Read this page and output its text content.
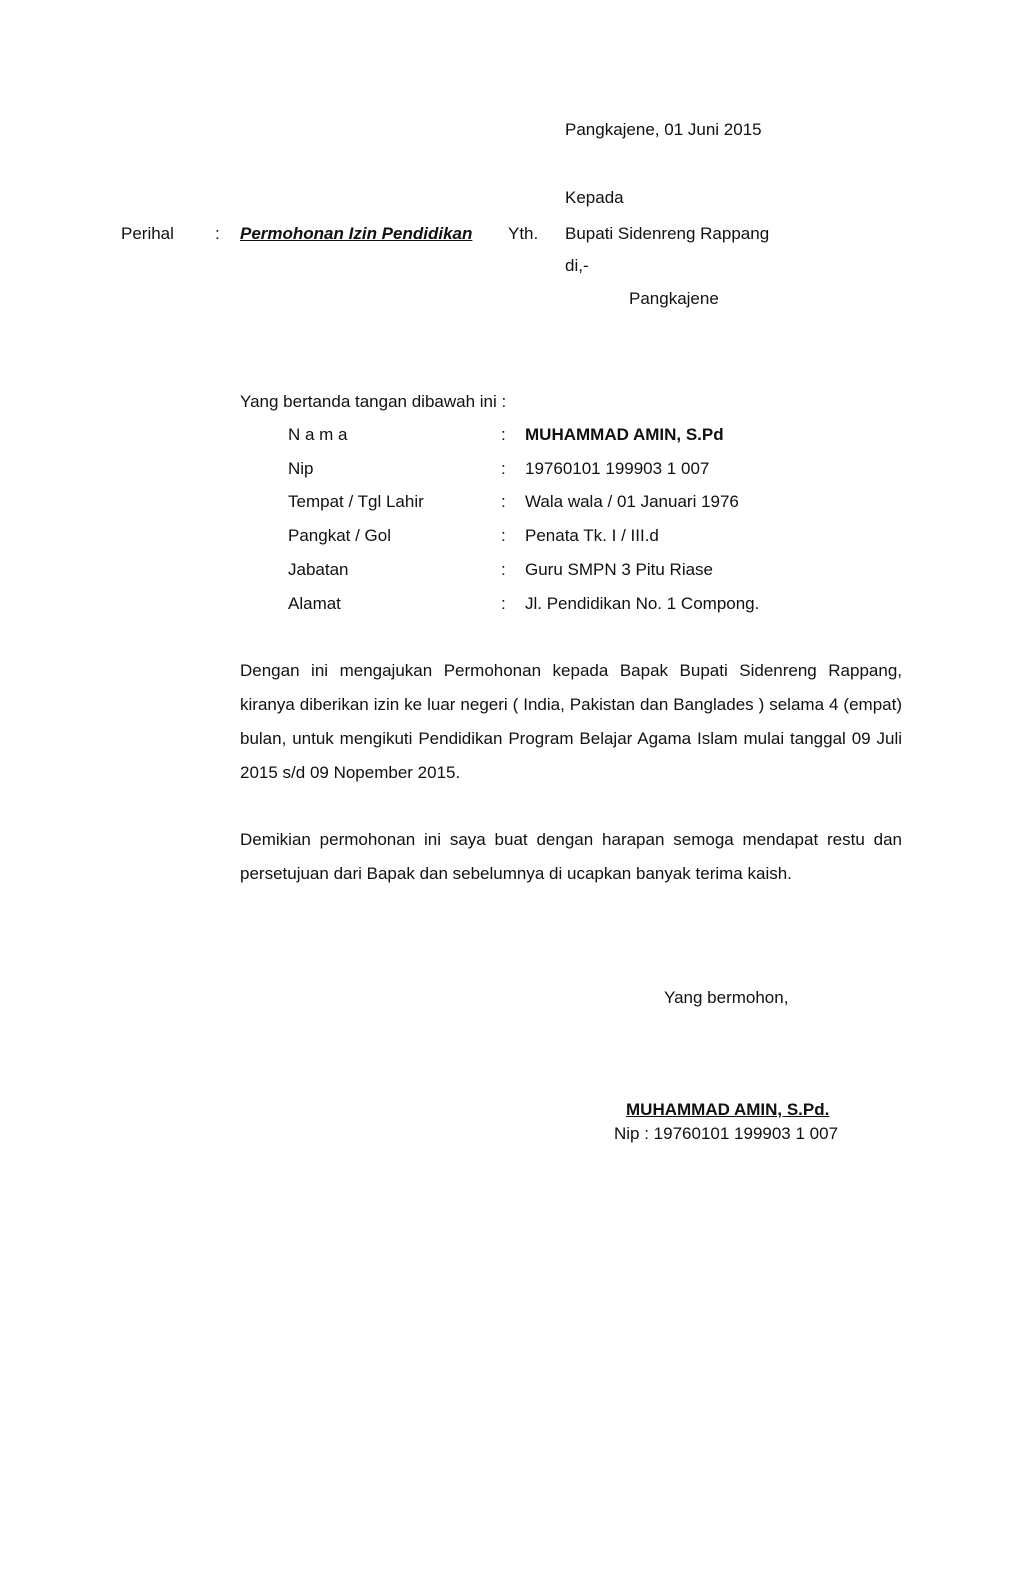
Pangkajene, 01 Juni 2015
Kepada
Perihal : Permohonan Izin Pendidikan Yth. Bupati Sidenreng Rappang
di,-
Pangkajene
Yang bertanda tangan dibawah ini :
N a m a	: MUHAMMAD AMIN, S.Pd
Nip	: 19760101 199903 1 007
Tempat / Tgl Lahir	: Wala wala / 01 Januari 1976
Pangkat / Gol	: Penata Tk. I / III.d
Jabatan	: Guru SMPN 3 Pitu Riase
Alamat	: Jl. Pendidikan No. 1 Compong.

Dengan ini mengajukan Permohonan kepada Bapak Bupati Sidenreng Rappang, kiranya diberikan izin ke luar negeri ( India, Pakistan dan Banglades ) selama 4 (empat) bulan, untuk mengikuti Pendidikan Program Belajar Agama Islam mulai tanggal 09 Juli 2015 s/d 09 Nopember 2015.

Demikian permohonan ini saya buat dengan harapan semoga mendapat restu dan persetujuan dari Bapak dan sebelumnya di ucapkan banyak terima kaish.

Yang bermohon,
MUHAMMAD AMIN, S.Pd.
Nip : 19760101 199903 1 007
